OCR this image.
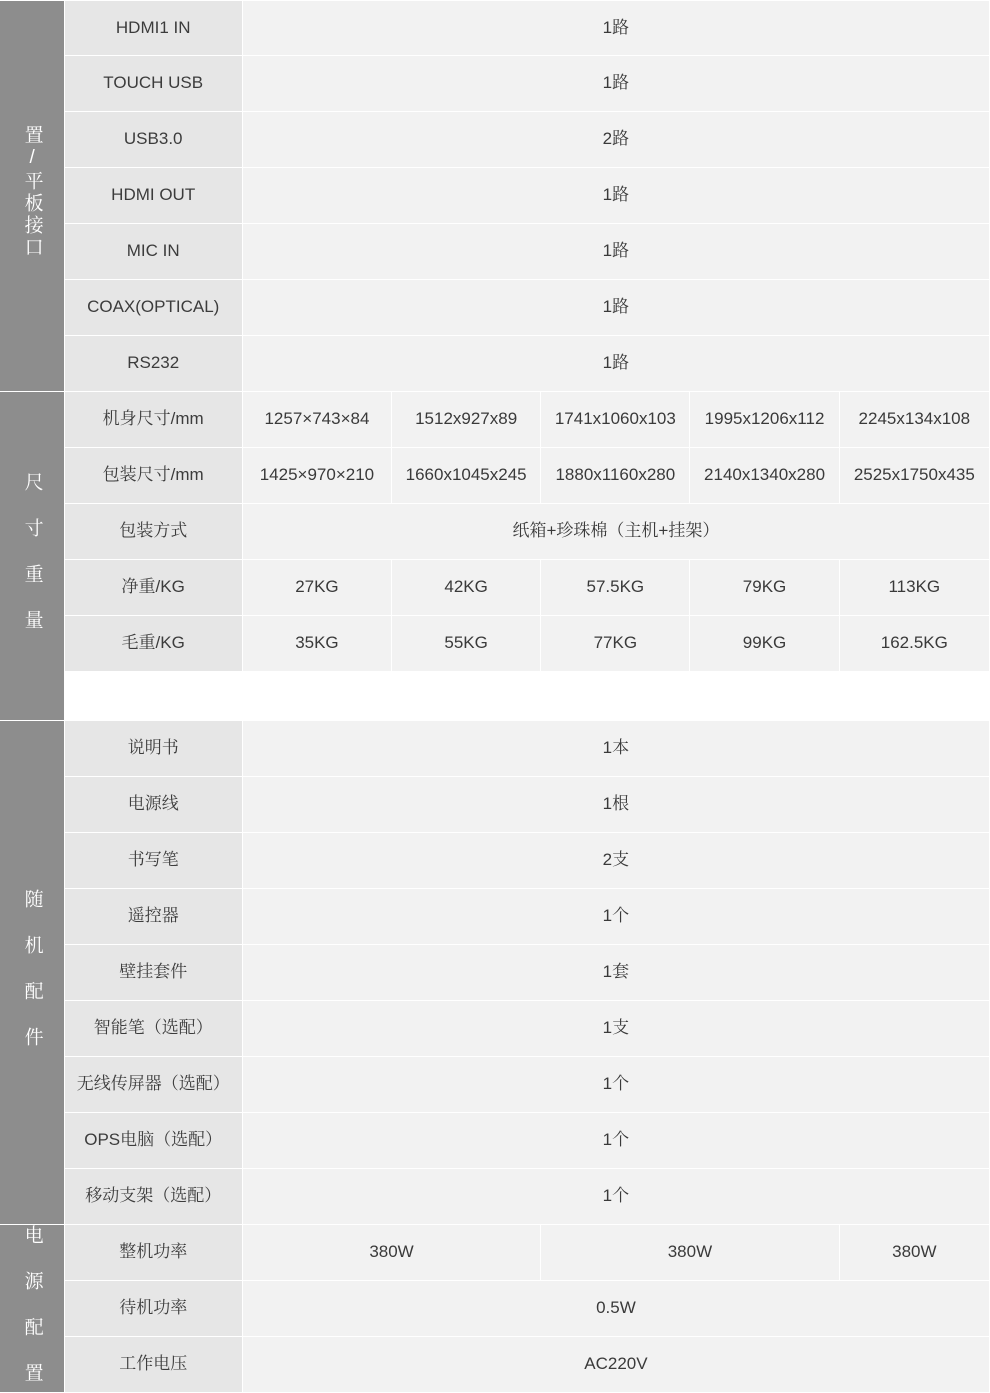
置/平板接口	HDMI1 IN	1路				
	TOUCH USB	1路				
	USB3.0	2路				
	HDMI OUT	1路				
	MIC IN	1路				
	COAX(OPTICAL)	1路				
	RS232	1路				
尺 寸 重 量	机身尺寸/mm	1257×743×84	1512x927x89	1741x1060x103	1995x1206x112	2245x134x108
	包装尺寸/mm	1425×970×210	1660x1045x245	1880x1160x280	2140x1340x280	2525x1750x435
	包装方式	纸箱+珍珠棉（主机+挂架）				
	净重/KG	27KG	42KG	57.5KG	79KG	113KG
	毛重/KG	35KG	55KG	77KG	99KG	162.5KG

随 机 配 件	说明书	1本				
	电源线	1根				
	书写笔	2支				
	遥控器	1个				
	壁挂套件	1套				
	智能笔（选配）	1支				
	无线传屏器（选配）	1个				
	OPS电脑（选配）	1个				
	移动支架（选配）	1个				
电 源 配 置	整机功率	380W		380W		380W
	待机功率	0.5W				
	工作电压	AC220V				
